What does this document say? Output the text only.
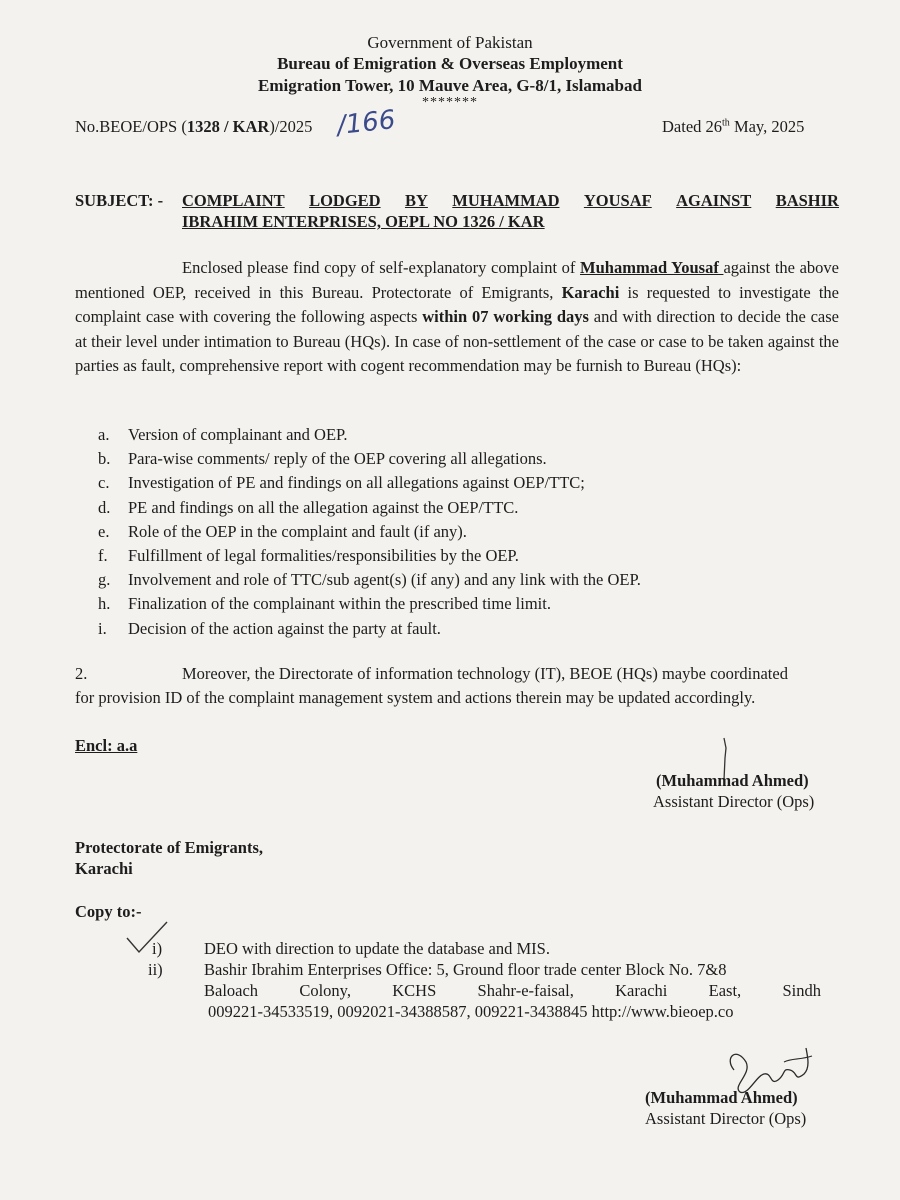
Government of Pakistan
Bureau of Emigration & Overseas Employment
Emigration Tower, 10 Mauve Area, G-8/1, Islamabad
*******
No.BEOE/OPS (1328 / KAR)/2025 /166	Dated 26th May, 2025
SUBJECT: - COMPLAINT LODGED BY MUHAMMAD YOUSAF AGAINST BASHIR
IBRAHIM ENTERPRISES, OEPL NO 1326 / KAR
Enclosed please find copy of self-explanatory complaint of Muhammad Yousaf against the above mentioned OEP, received in this Bureau. Protectorate of Emigrants, Karachi is requested to investigate the complaint case with covering the following aspects within 07 working days and with direction to decide the case at their level under intimation to Bureau (HQs). In case of non-settlement of the case or case to be taken against the parties as fault, comprehensive report with cogent recommendation may be furnish to Bureau (HQs):
a. Version of complainant and OEP.
b. Para-wise comments/ reply of the OEP covering all allegations.
c. Investigation of PE and findings on all allegations against OEP/TTC;
d. PE and findings on all the allegation against the OEP/TTC.
e. Role of the OEP in the complaint and fault (if any).
f. Fulfillment of legal formalities/responsibilities by the OEP.
g. Involvement and role of TTC/sub agent(s) (if any) and any link with the OEP.
h. Finalization of the complainant within the prescribed time limit.
i. Decision of the action against the party at fault.
2.	Moreover, the Directorate of information technology (IT), BEOE (HQs) maybe coordinated
for provision ID of the complaint management system and actions therein may be updated accordingly.
Encl: a.a
(Muhammad Ahmed)
Assistant Director (Ops)
Protectorate of Emigrants,
Karachi
Copy to:-
i)	DEO with direction to update the database and MIS.
ii)	Bashir Ibrahim Enterprises Office: 5, Ground floor trade center Block No. 7&8
Baloach	Colony,	KCHS	Shahr-e-faisal,	Karachi	East,	Sindh
009221-34533519, 0092021-34388587, 009221-3438845 http://www.bieoep.co
(Muhammad Ahmed)
Assistant Director (Ops)
